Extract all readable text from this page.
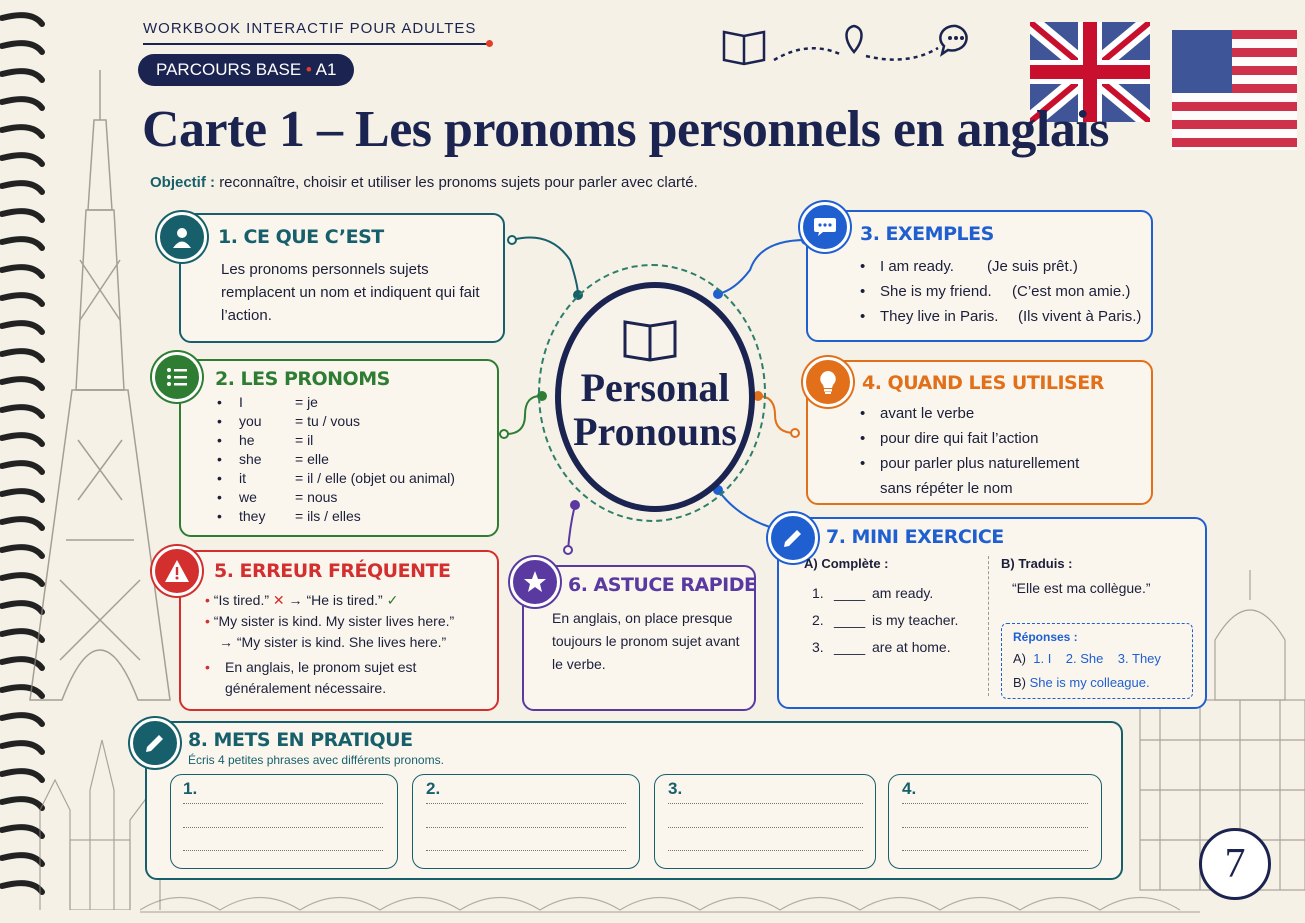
WORKBOOK INTERACTIF POUR ADULTES
PARCOURS BASE • A1
Carte 1 – Les pronoms personnels en anglais
Objectif : reconnaître, choisir et utiliser les pronoms sujets pour parler avec clarté.
Personal
Pronouns
1. CE QUE C’EST
Les pronoms personnels sujets remplacent un nom et indiquent qui fait l’action.
2. LES PRONOMS
•	I	= je
•	you	= tu / vous
•	he	= il
•	she	= elle
•	it	= il / elle (objet ou animal)
•	we	= nous
•	they	= ils / elles
3. EXEMPLES
• I am ready. (Je suis prêt.)
• She is my friend. (C’est mon amie.)
• They live in Paris. (Ils vivent à Paris.)
4. QUAND LES UTILISER
• avant le verbe
• pour dire qui fait l’action
• pour parler plus naturellement
sans répéter le nom
5. ERREUR FRÉQUENTE
• “Is tired.” ✕ → “He is tired.” ✓
• “My sister is kind. My sister lives here.”
→ “My sister is kind. She lives here.”
•	En anglais, le pronom sujet est généralement nécessaire.
6. ASTUCE RAPIDE
En anglais, on place presque toujours le pronom sujet avant le verbe.
7. MINI EXERCICE
A) Complète :
1. ____ am ready.
2. ____ is my teacher.
3. ____ are at home.
B) Traduis :
“Elle est ma collègue.”
Réponses :
A) 1. I    2. She    3. They
B) She is my colleague.
8. METS EN PRATIQUE
Écris 4 petites phrases avec différents pronoms.
1.	2.	3.	4.
7
